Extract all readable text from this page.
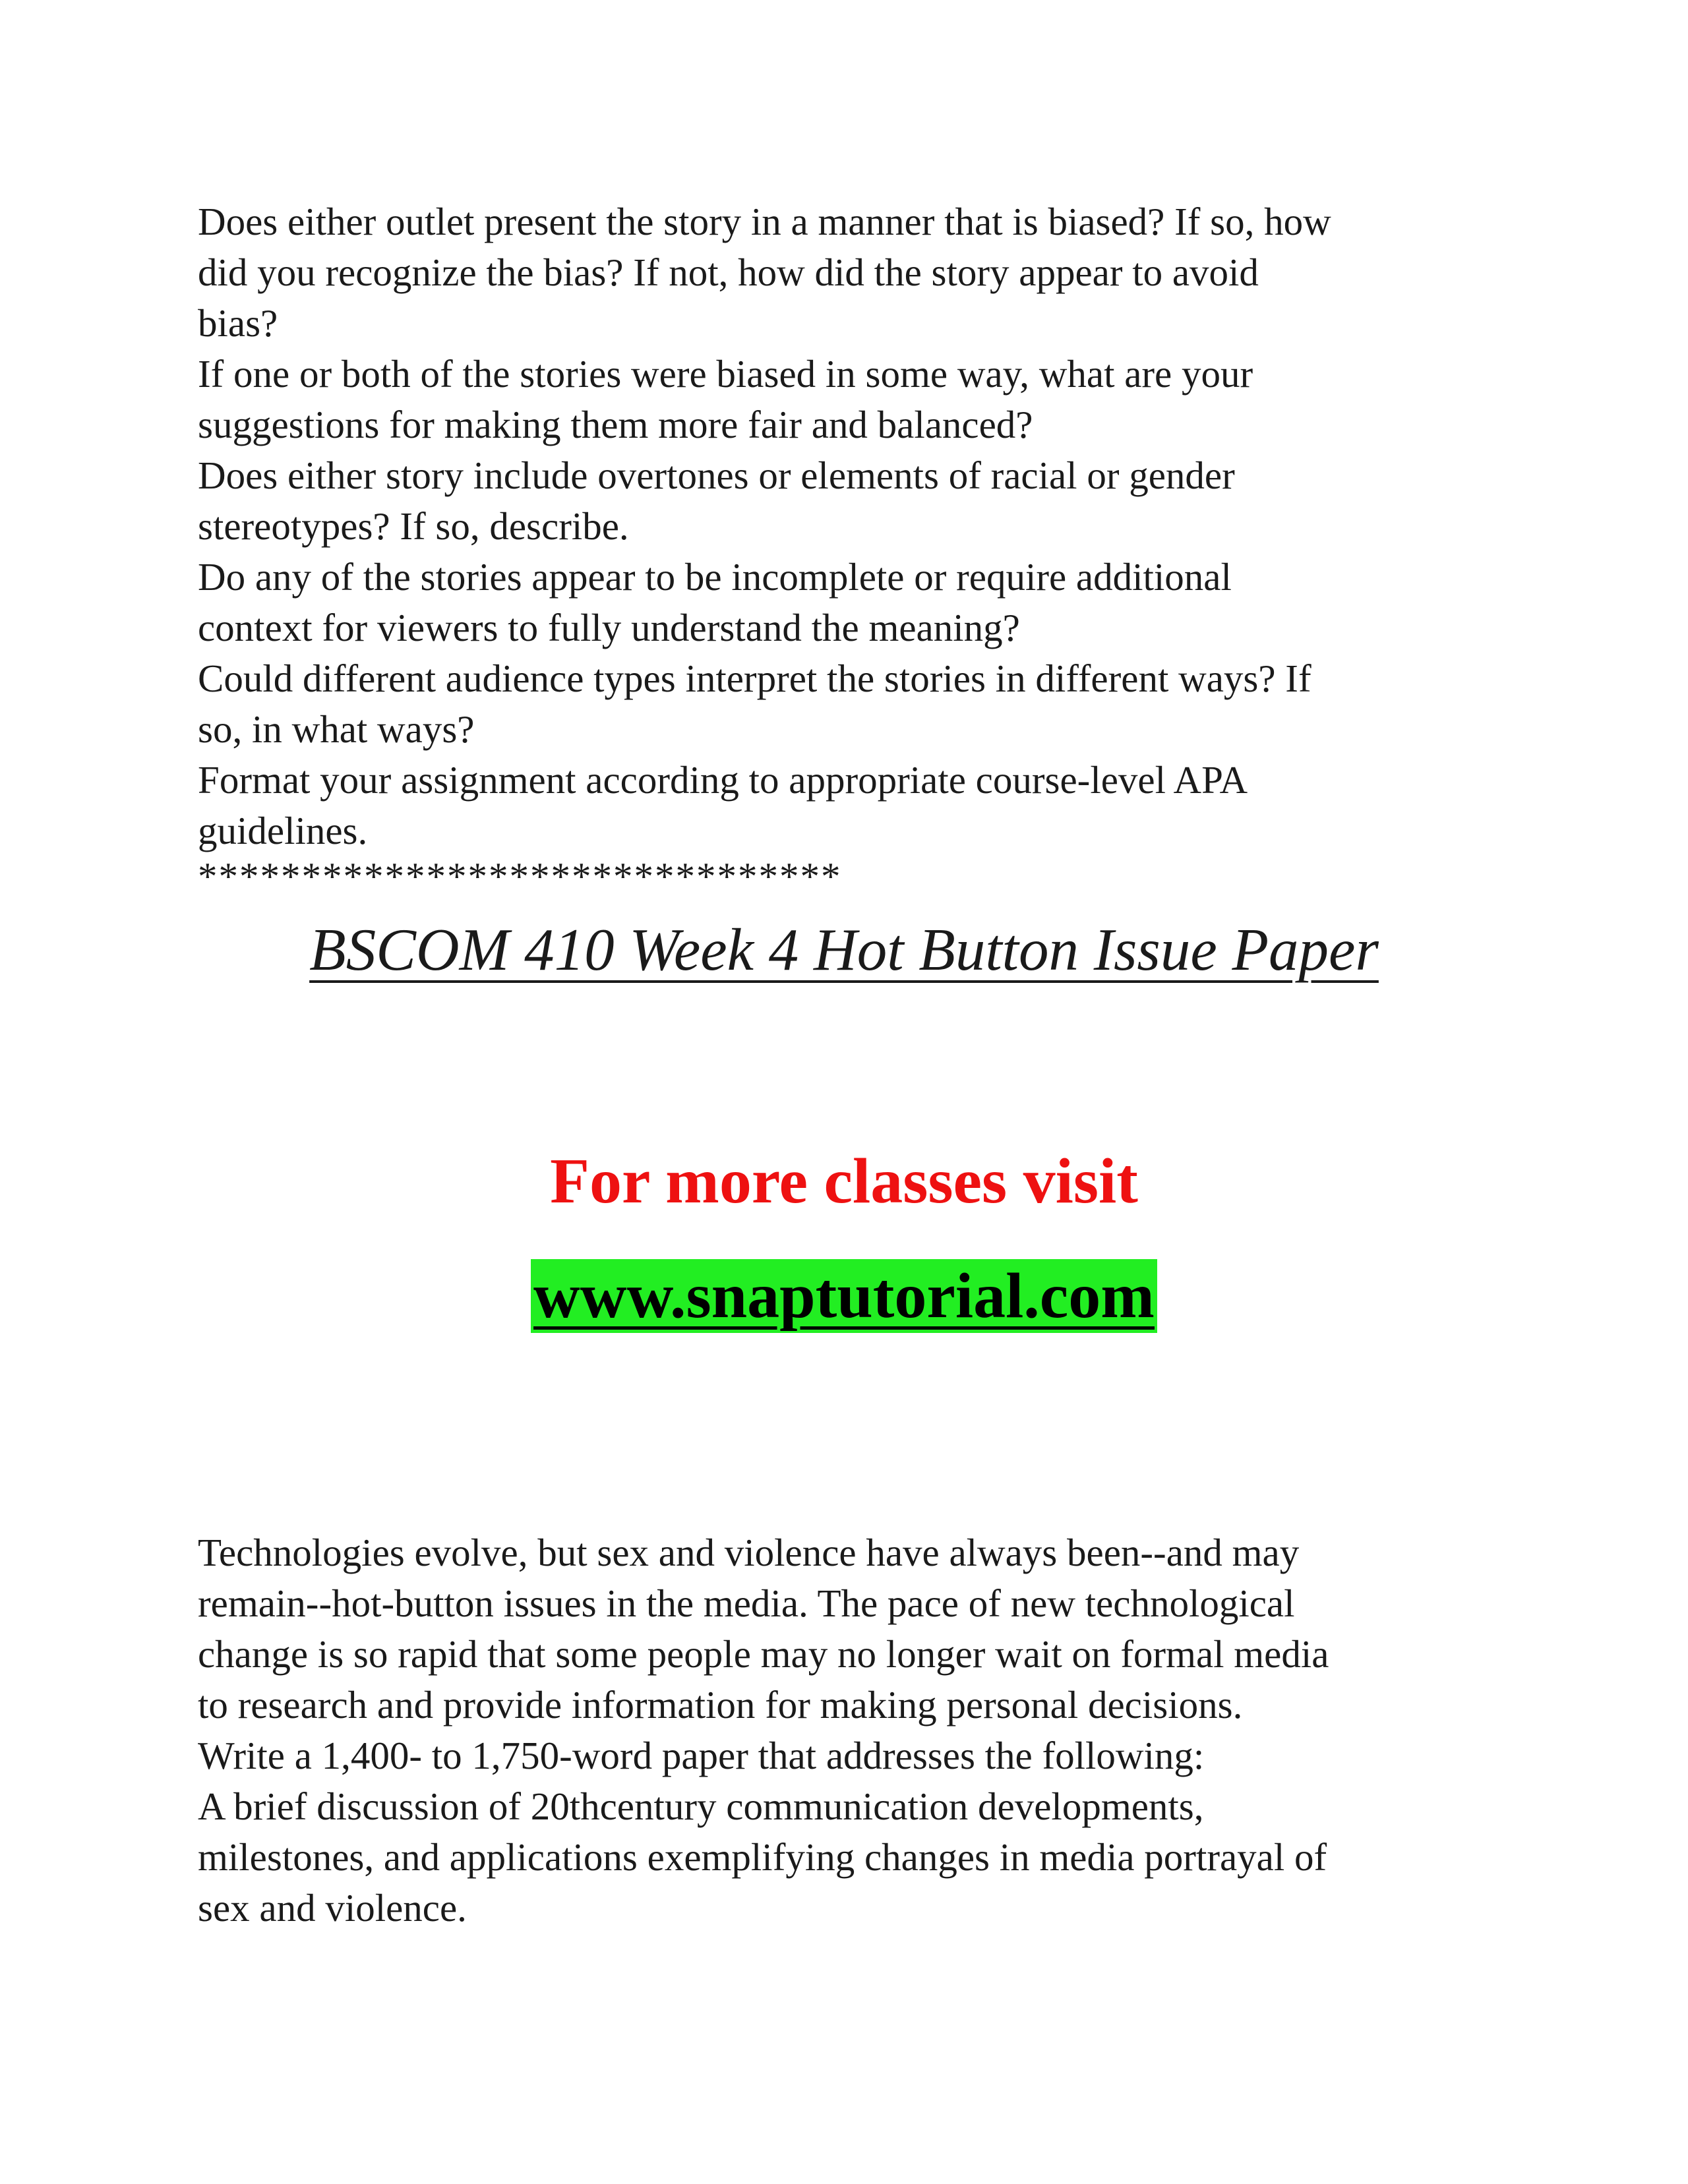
Does either outlet present the story in a manner that is biased? If so, how
did you recognize the bias? If not, how did the story appear to avoid
bias?
If one or both of the stories were biased in some way, what are your
suggestions for making them more fair and balanced?
Does either story include overtones or elements of racial or gender
stereotypes? If so, describe.
Do any of the stories appear to be incomplete or require additional
context for viewers to fully understand the meaning?
Could different audience types interpret the stories in different ways? If
so, in what ways?
Format your assignment according to appropriate course-level APA
guidelines.
*******************************
BSCOM 410 Week 4 Hot Button Issue Paper
For more classes visit
www.snaptutorial.com
Technologies evolve, but sex and violence have always been--and may
remain--hot-button issues in the media. The pace of new technological
change is so rapid that some people may no longer wait on formal media
to research and provide information for making personal decisions.
Write a 1,400- to 1,750-word paper that addresses the following:
A brief discussion of 20thcentury communication developments,
milestones, and applications exemplifying changes in media portrayal of
sex and violence.
